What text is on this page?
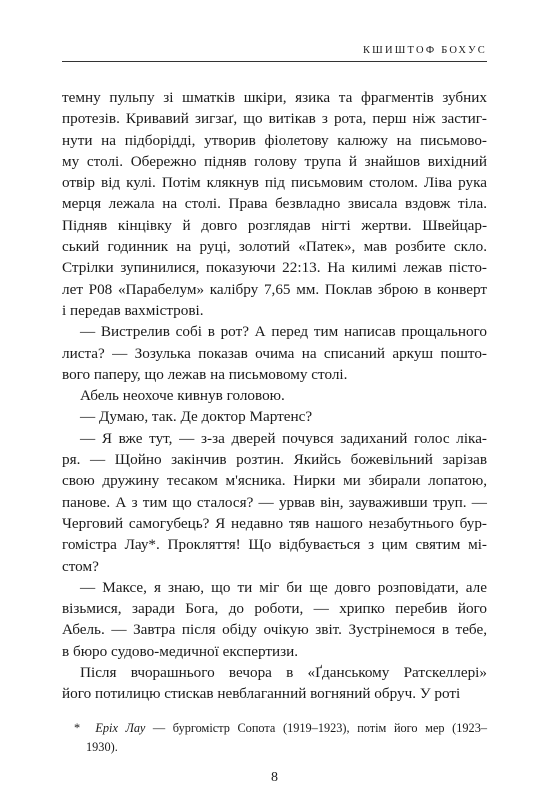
КШИШТОФ БОХУС

темну пульпу зі шматків шкіри, язика та фрагментів зубних
протезів. Кривавий зигзаґ, що витікав з рота, перш ніж застиг-
нути на підборідді, утворив фіолетову калюжу на письмово-
му столі. Обережно підняв голову трупа й знайшов вихідний
отвір від кулі. Потім клякнув під письмовим столом. Ліва рука
мерця лежала на столі. Права безвладно звисала вздовж тіла.
Підняв кінцівку й довго розглядав нігті жертви. Швейцар-
ський годинник на руці, золотий «Патек», мав розбите скло.
Стрілки зупинилися, показуючи 22:13. На килимі лежав пісто-
лет P08 «Парабелум» калібру 7,65 мм. Поклав зброю в конверт
і передав вахмістрові.

— Вистрелив собі в рот? А перед тим написав прощального
листа? — Зозулька показав очима на списаний аркуш пошто-
вого паперу, що лежав на письмовому столі.

Абель неохоче кивнув головою.

— Думаю, так. Де доктор Мартенс?

— Я вже тут, — з-за дверей почувся задиханий голос ліка-
ря. — Щойно закінчив розтин. Якийсь божевільний зарізав
свою дружину тесаком м'ясника. Нирки ми збирали лопатою,
панове. А з тим що сталося? — урвав він, зауваживши труп. —
Черговий самогубець? Я недавно тяв нашого незабутнього бур-
гомістра Лау*. Прокляття! Що відбувається з цим святим мі-
стом?

— Максе, я знаю, що ти міг би ще довго розповідати, але
візьмися, заради Бога, до роботи, — хрипко перебив його
Абель. — Завтра після обіду очікую звіт. Зустрінемося в тебе,
в бюро судово-медичної експертизи.

Після вчорашнього вечора в «Ґданському Ратскеллері»
його потилицю стискав невблаганний вогняний обруч. У роті

* Еріх Лау — бургомістр Сопота (1919–1923), потім його мер (1923–
1930).
8
